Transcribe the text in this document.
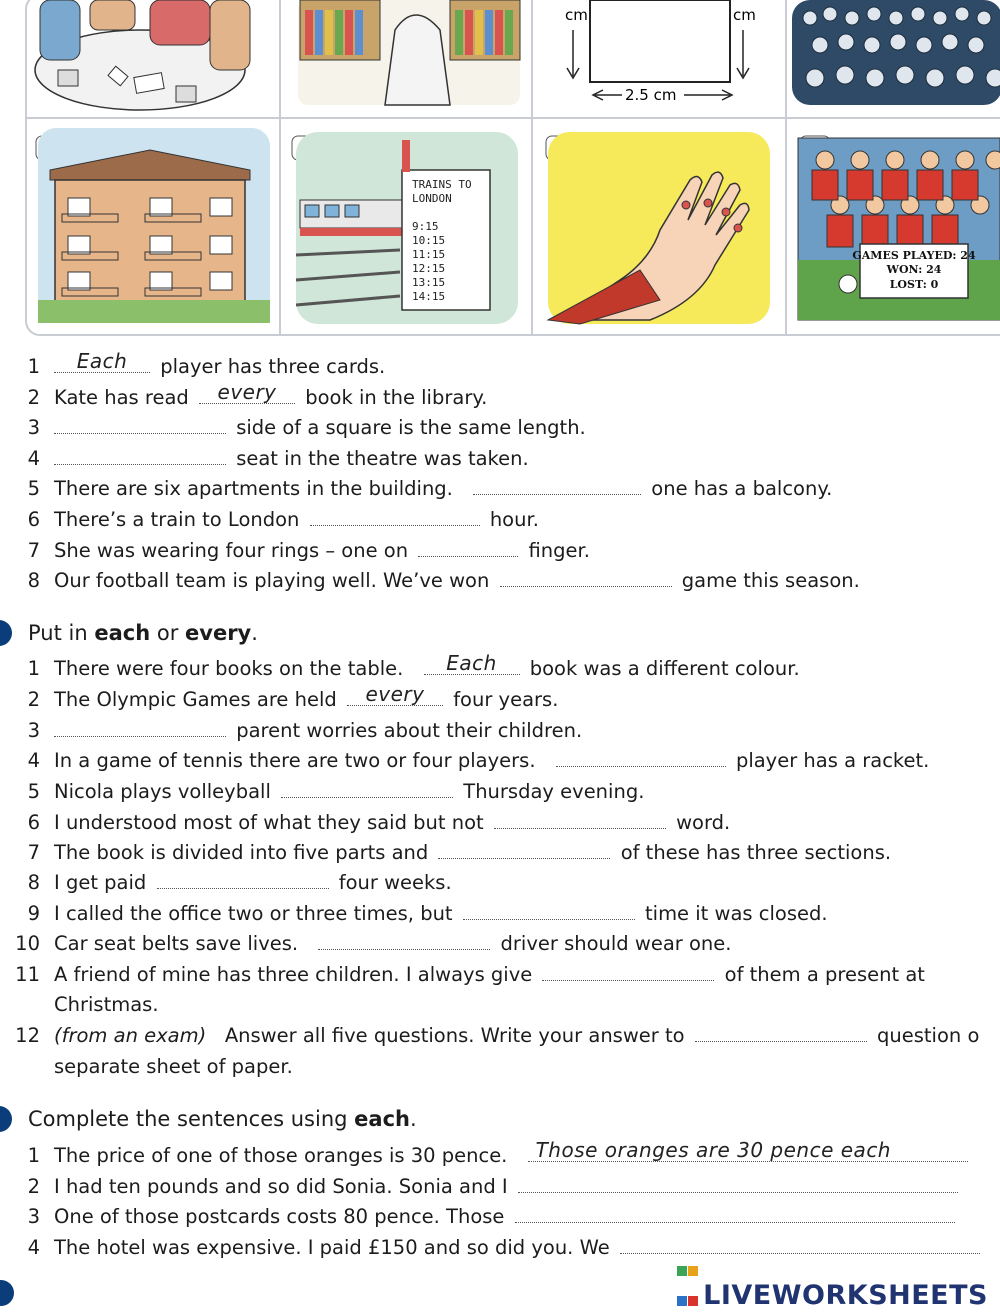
cm	cm
2.5 cm
TRAINS TO
LONDON
9:15
10:15
11:15
12:15
13:15
14:15
GAMES PLAYED: 24
WON: 24
LOST: 0
1	Each	player has three cards.
2 Kate has read	every	book in the library.
3	side of a square is the same length.
4	seat in the theatre was taken.
5 There are six apartments in the building.	one has a balcony.
6 There’s a train to London	hour.
7 She was wearing four rings – one on	finger.
8 Our football team is playing well. We’ve won	game this season.
Put in each or every.
1 There were four books on the table.	Each	book was a different colour.
2 The Olympic Games are held	every	four years.
3	parent worries about their children.
4 In a game of tennis there are two or four players.	player has a racket.
5 Nicola plays volleyball	Thursday evening.
6 I understood most of what they said but not	word.
7 The book is divided into five parts and	of these has three sections.
8 I get paid	four weeks.
9 I called the office two or three times, but	time it was closed.
10 Car seat belts save lives.	driver should wear one.
11 A friend of mine has three children. I always give	of them a present at
Christmas.
12 (from an exam) Answer all five questions. Write your answer to	question o
separate sheet of paper.
Complete the sentences using each.
1 The price of one of those oranges is 30 pence. Those oranges are 30 pence each
2 I had ten pounds and so did Sonia. Sonia and I
3 One of those postcards costs 80 pence. Those
4 The hotel was expensive. I paid £150 and so did you. We
LIVEWORKSHEETS
